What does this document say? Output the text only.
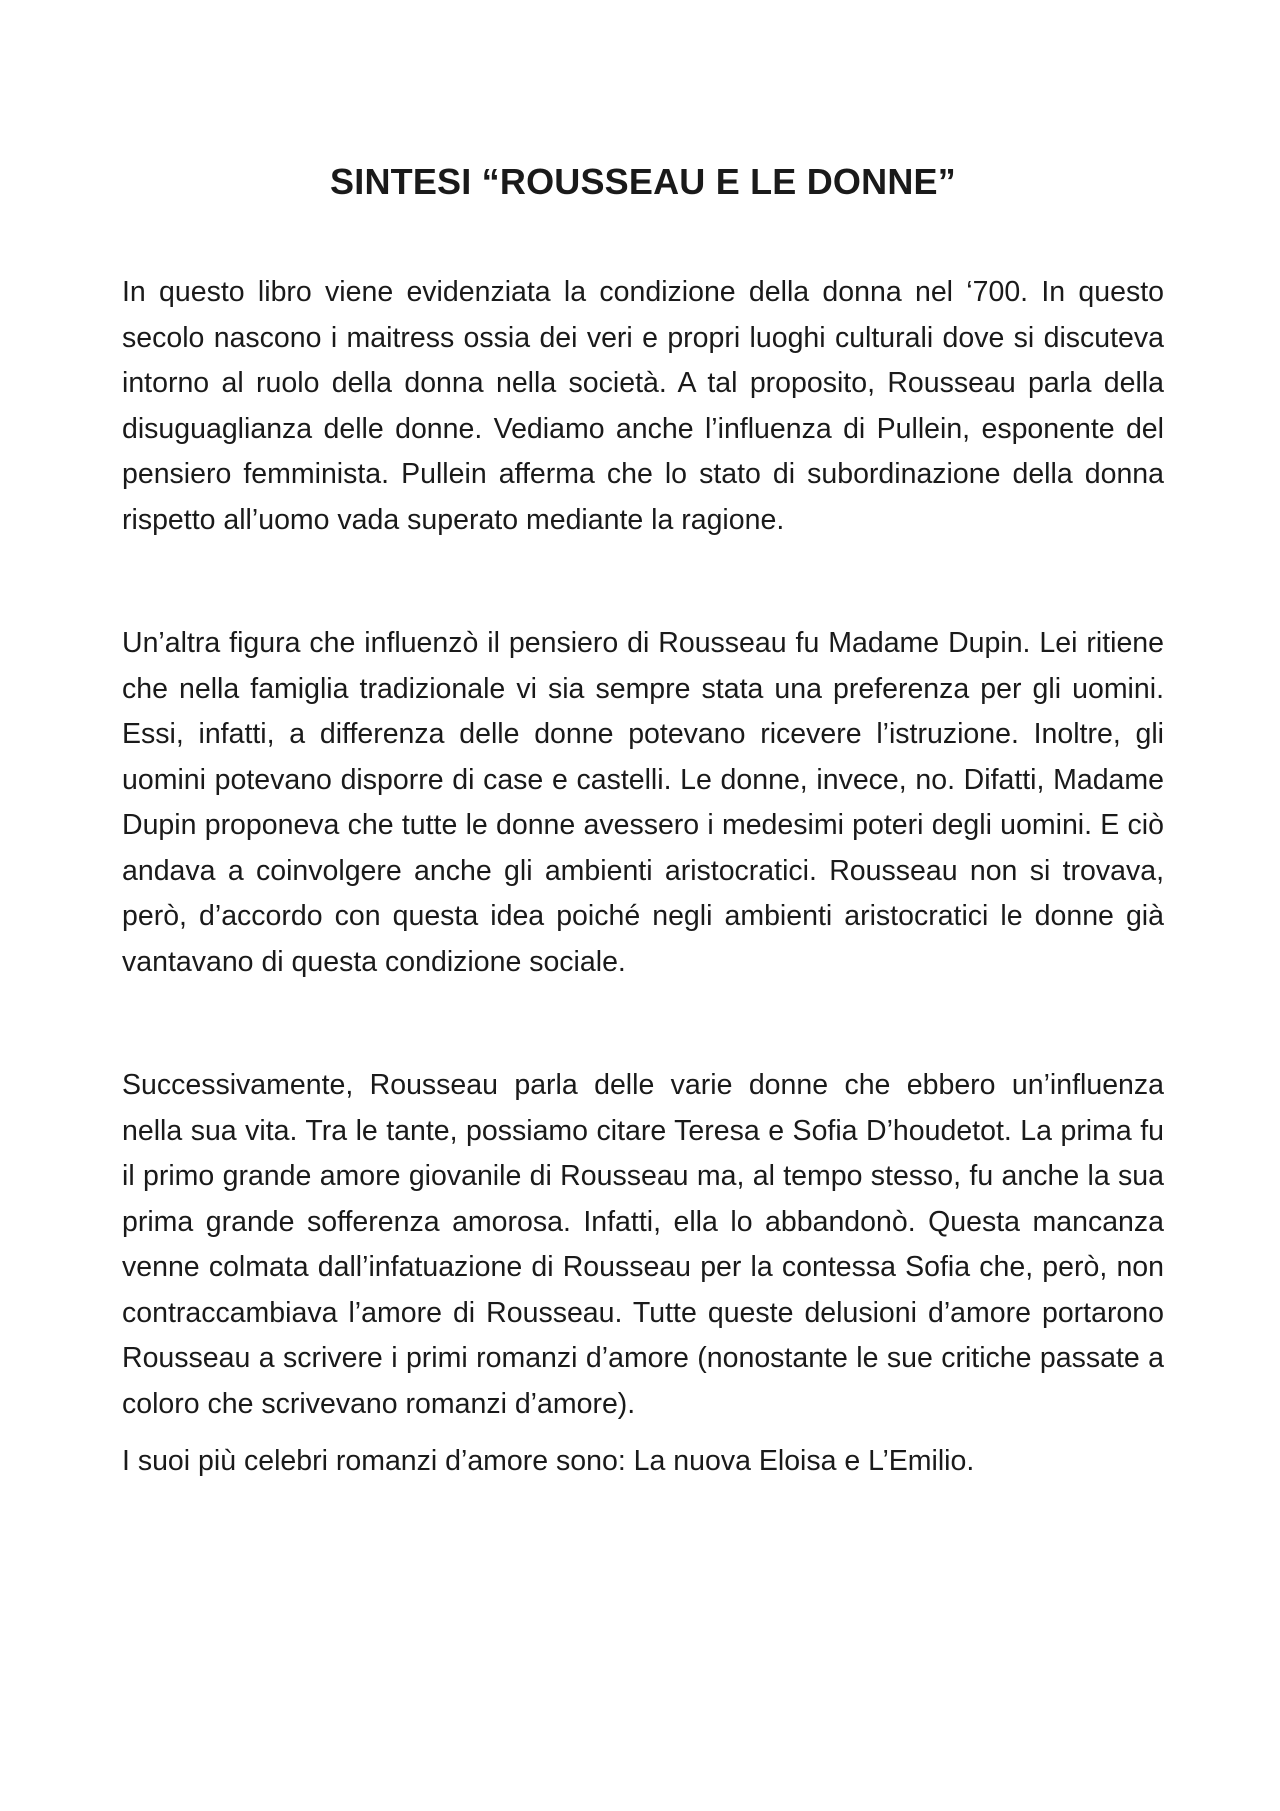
SINTESI “ROUSSEAU E LE DONNE”

In questo libro viene evidenziata la condizione della donna nel ‘700. In questo secolo nascono i maitress ossia dei veri e propri luoghi culturali dove si discuteva intorno al ruolo della donna nella società. A tal proposito, Rousseau parla della disuguaglianza delle donne. Vediamo anche l’influenza di Pullein, esponente del pensiero femminista. Pullein afferma che lo stato di subordinazione della donna rispetto all’uomo vada superato mediante la ragione.

Un’altra figura che influenzò il pensiero di Rousseau fu Madame Dupin. Lei ritiene che nella famiglia tradizionale vi sia sempre stata una preferenza per gli uomini. Essi, infatti, a differenza delle donne potevano ricevere l’istruzione. Inoltre, gli uomini potevano disporre di case e castelli. Le donne, invece, no. Difatti, Madame Dupin proponeva che tutte le donne avessero i medesimi poteri degli uomini. E ciò andava a coinvolgere anche gli ambienti aristocratici. Rousseau non si trovava, però, d’accordo con questa idea poiché negli ambienti aristocratici le donne già vantavano di questa condizione sociale.

Successivamente, Rousseau parla delle varie donne che ebbero un’influenza nella sua vita. Tra le tante, possiamo citare Teresa e Sofia D’houdetot. La prima fu il primo grande amore giovanile di Rousseau ma, al tempo stesso, fu anche la sua prima grande sofferenza amorosa. Infatti, ella lo abbandonò. Questa mancanza venne colmata dall’infatuazione di Rousseau per la contessa Sofia che, però, non contraccambiava l’amore di Rousseau. Tutte queste delusioni d’amore portarono Rousseau a scrivere i primi romanzi d’amore (nonostante le sue critiche passate a coloro che scrivevano romanzi d’amore).

I suoi più celebri romanzi d’amore sono: La nuova Eloisa e L’Emilio.
